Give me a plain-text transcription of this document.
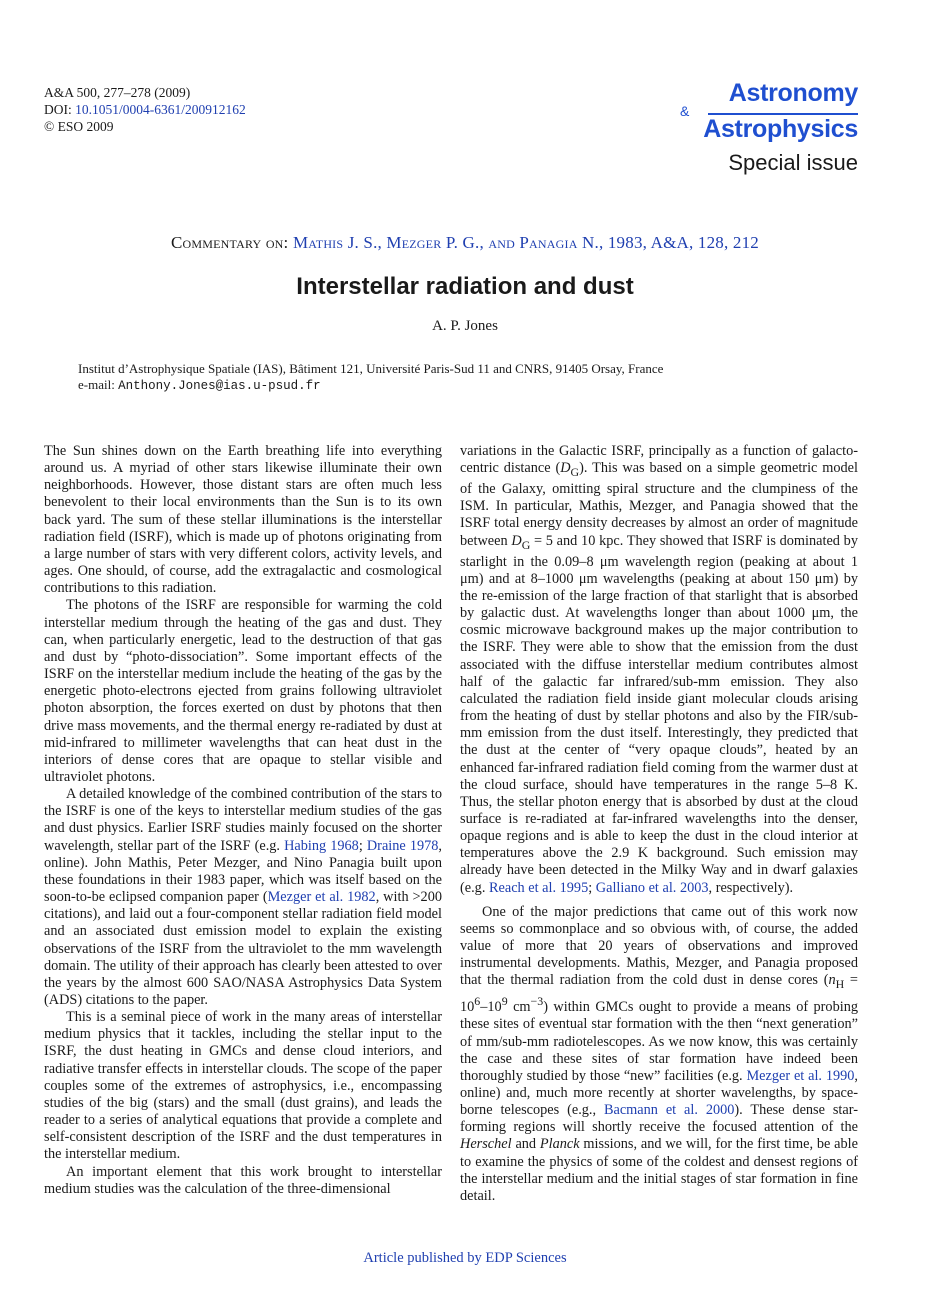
A&A 500, 277–278 (2009)
DOI: 10.1051/0004-6361/200912162
© ESO 2009
Astronomy
&
Astrophysics
Special issue
Commentary on: Mathis J. S., Mezger P. G., and Panagia N., 1983, A&A, 128, 212
Interstellar radiation and dust
A. P. Jones
Institut d’Astrophysique Spatiale (IAS), Bâtiment 121, Université Paris-Sud 11 and CNRS, 91405 Orsay, France
e-mail: Anthony.Jones@ias.u-psud.fr

The Sun shines down on the Earth breathing life into everything around us. A myriad of other stars likewise illuminate their own neighborhoods. However, those distant stars are often much less benevolent to their local environments than the Sun is to its own back yard. The sum of these stellar illuminations is the interstellar radiation field (ISRF), which is made up of photons originating from a large number of stars with very different colors, activity levels, and ages. One should, of course, add the extragalactic and cosmological contributions to this radiation.

The photons of the ISRF are responsible for warming the cold interstellar medium through the heating of the gas and dust. They can, when particularly energetic, lead to the destruction of that gas and dust by “photo-dissociation”. Some important effects of the ISRF on the interstellar medium include the heating of the gas by the energetic photo-electrons ejected from grains following ultraviolet photon absorption, the forces exerted on dust by photons that then drive mass movements, and the thermal energy re-radiated by dust at mid-infrared to millimeter wavelengths that can heat dust in the interiors of dense cores that are opaque to stellar visible and ultraviolet photons.

A detailed knowledge of the combined contribution of the stars to the ISRF is one of the keys to interstellar medium studies of the gas and dust physics. Earlier ISRF studies mainly focused on the shorter wavelength, stellar part of the ISRF (e.g. Habing 1968; Draine 1978, online). John Mathis, Peter Mezger, and Nino Panagia built upon these foundations in their 1983 paper, which was itself based on the soon-to-be eclipsed companion paper (Mezger et al. 1982, with >200 citations), and laid out a four-component stellar radiation field model and an associated dust emission model to explain the existing observations of the ISRF from the ultraviolet to the mm wavelength domain. The utility of their approach has clearly been attested to over the years by the almost 600 SAO/NASA Astrophysics Data System (ADS) citations to the paper.

This is a seminal piece of work in the many areas of interstellar medium physics that it tackles, including the stellar input to the ISRF, the dust heating in GMCs and dense cloud interiors, and radiative transfer effects in interstellar clouds. The scope of the paper couples some of the extremes of astrophysics, i.e., encompassing studies of the big (stars) and the small (dust grains), and leads the reader to a series of analytical equations that provide a complete and self-consistent description of the ISRF and the dust temperatures in the interstellar medium.

An important element that this work brought to interstellar medium studies was the calculation of the three-dimensional

variations in the Galactic ISRF, principally as a function of galacto-centric distance $(D_G)$. This was based on a simple geometric model of the Galaxy, omitting spiral structure and the clumpiness of the ISM. In particular, Mathis, Mezger, and Panagia showed that the ISRF total energy density decreases by almost an order of magnitude between $D_G = 5$ and 10 kpc. They showed that ISRF is dominated by starlight in the 0.09–8 μm wavelength region (peaking at about 1 μm) and at 8–1000 μm wavelengths (peaking at about 150 μm) by the re-emission of the large fraction of that starlight that is absorbed by galactic dust. At wavelengths longer than about 1000 μm, the cosmic microwave background makes up the major contribution to the ISRF. They were able to show that the emission from the dust associated with the diffuse interstellar medium contributes almost half of the galactic far infrared/sub-mm emission. They also calculated the radiation field inside giant molecular clouds arising from the heating of dust by stellar photons and also by the FIR/sub-mm emission from the dust itself. Interestingly, they predicted that the dust at the center of “very opaque clouds”, heated by an enhanced far-infrared radiation field coming from the warmer dust at the cloud surface, should have temperatures in the range 5–8 K. Thus, the stellar photon energy that is absorbed by dust at the cloud surface is re-radiated at far-infrared wavelengths into the denser, opaque regions and is able to keep the dust in the cloud interior at temperatures above the 2.9 K background. Such emission may already have been detected in the Milky Way and in dwarf galaxies (e.g. Reach et al. 1995; Galliano et al. 2003, respectively).

One of the major predictions that came out of this work now seems so commonplace and so obvious with, of course, the added value of more that 20 years of observations and improved instrumental developments. Mathis, Mezger, and Panagia proposed that the thermal radiation from the cold dust in dense cores ($n_H = 10^6-10^9$ $cm^{-3}$) within GMCs ought to provide a means of probing these sites of eventual star formation with the then “next generation” of mm/sub-mm radiotelescopes. As we now know, this was certainly the case and these sites of star formation have indeed been thoroughly studied by those “new” facilities (e.g. Mezger et al. 1990, online) and, much more recently at shorter wavelengths, by space-borne telescopes (e.g., Bacmann et al. 2000). These dense star-forming regions will shortly receive the focused attention of the Herschel and Planck missions, and we will, for the first time, be able to examine the physics of some of the coldest and densest regions of the interstellar medium and the initial stages of star formation in fine detail.

Article published by EDP Sciences
